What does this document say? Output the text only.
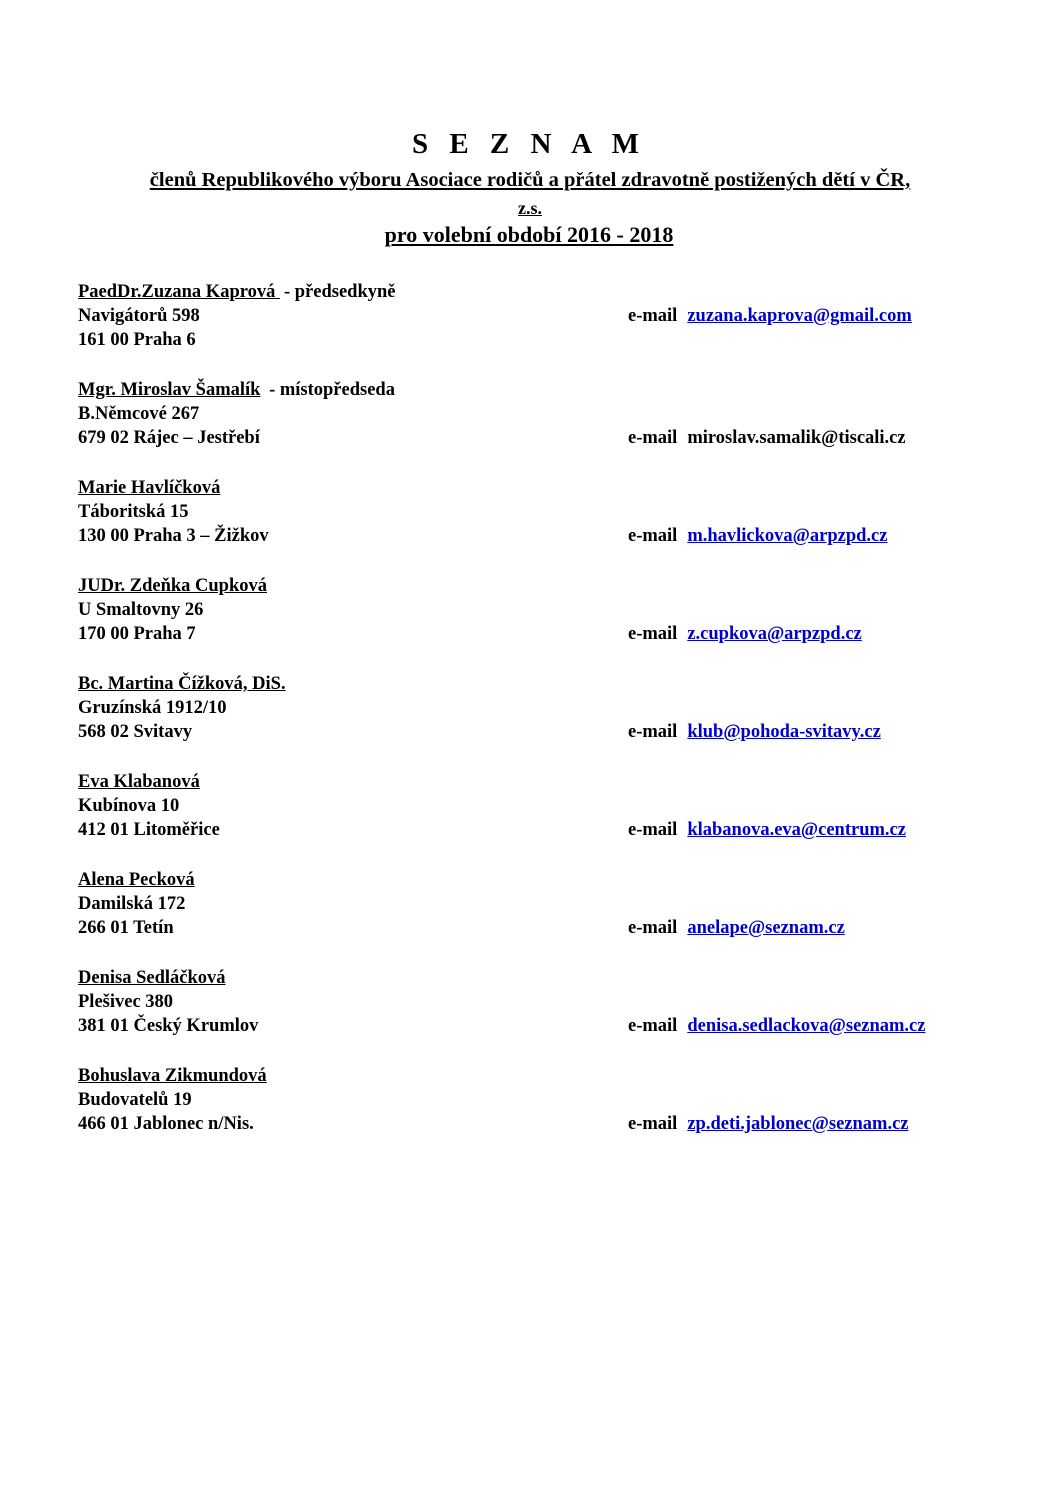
S E Z N A M
členů Republikového výboru Asociace rodičů a přátel zdravotně postižených dětí v ČR,
z.s.
pro volební období 2016 - 2018
PaedDr.Zuzana Kaprová - předsedkyně
Navigátorů 598
161 00 Praha 6
e-mail zuzana.kaprova@gmail.com
Mgr. Miroslav Šamalík - místopředseda
B.Němcové 267
679 02 Rájec – Jestřebí	e-mail miroslav.samalik@tiscali.cz
Marie Havlíčková
Táboritská 15
130 00 Praha 3 – Žižkov	e-mail m.havlickova@arpzpd.cz
JUDr. Zdeňka Cupková
U Smaltovny 26
170 00 Praha 7	e-mail z.cupkova@arpzpd.cz
Bc. Martina Čížková, DiS.
Gruzínská 1912/10
568 02 Svitavy	e-mail klub@pohoda-svitavy.cz
Eva Klabanová
Kubínova 10
412 01 Litoměřice	e-mail klabanova.eva@centrum.cz
Alena Pecková
Damilská 172
266 01 Tetín	e-mail anelape@seznam.cz
Denisa Sedláčková
Plešivec 380
381 01 Český Krumlov	e-mail denisa.sedlackova@seznam.cz
Bohuslava Zikmundová
Budovatelů 19
466 01 Jablonec n/Nis.	e-mail zp.deti.jablonec@seznam.cz
